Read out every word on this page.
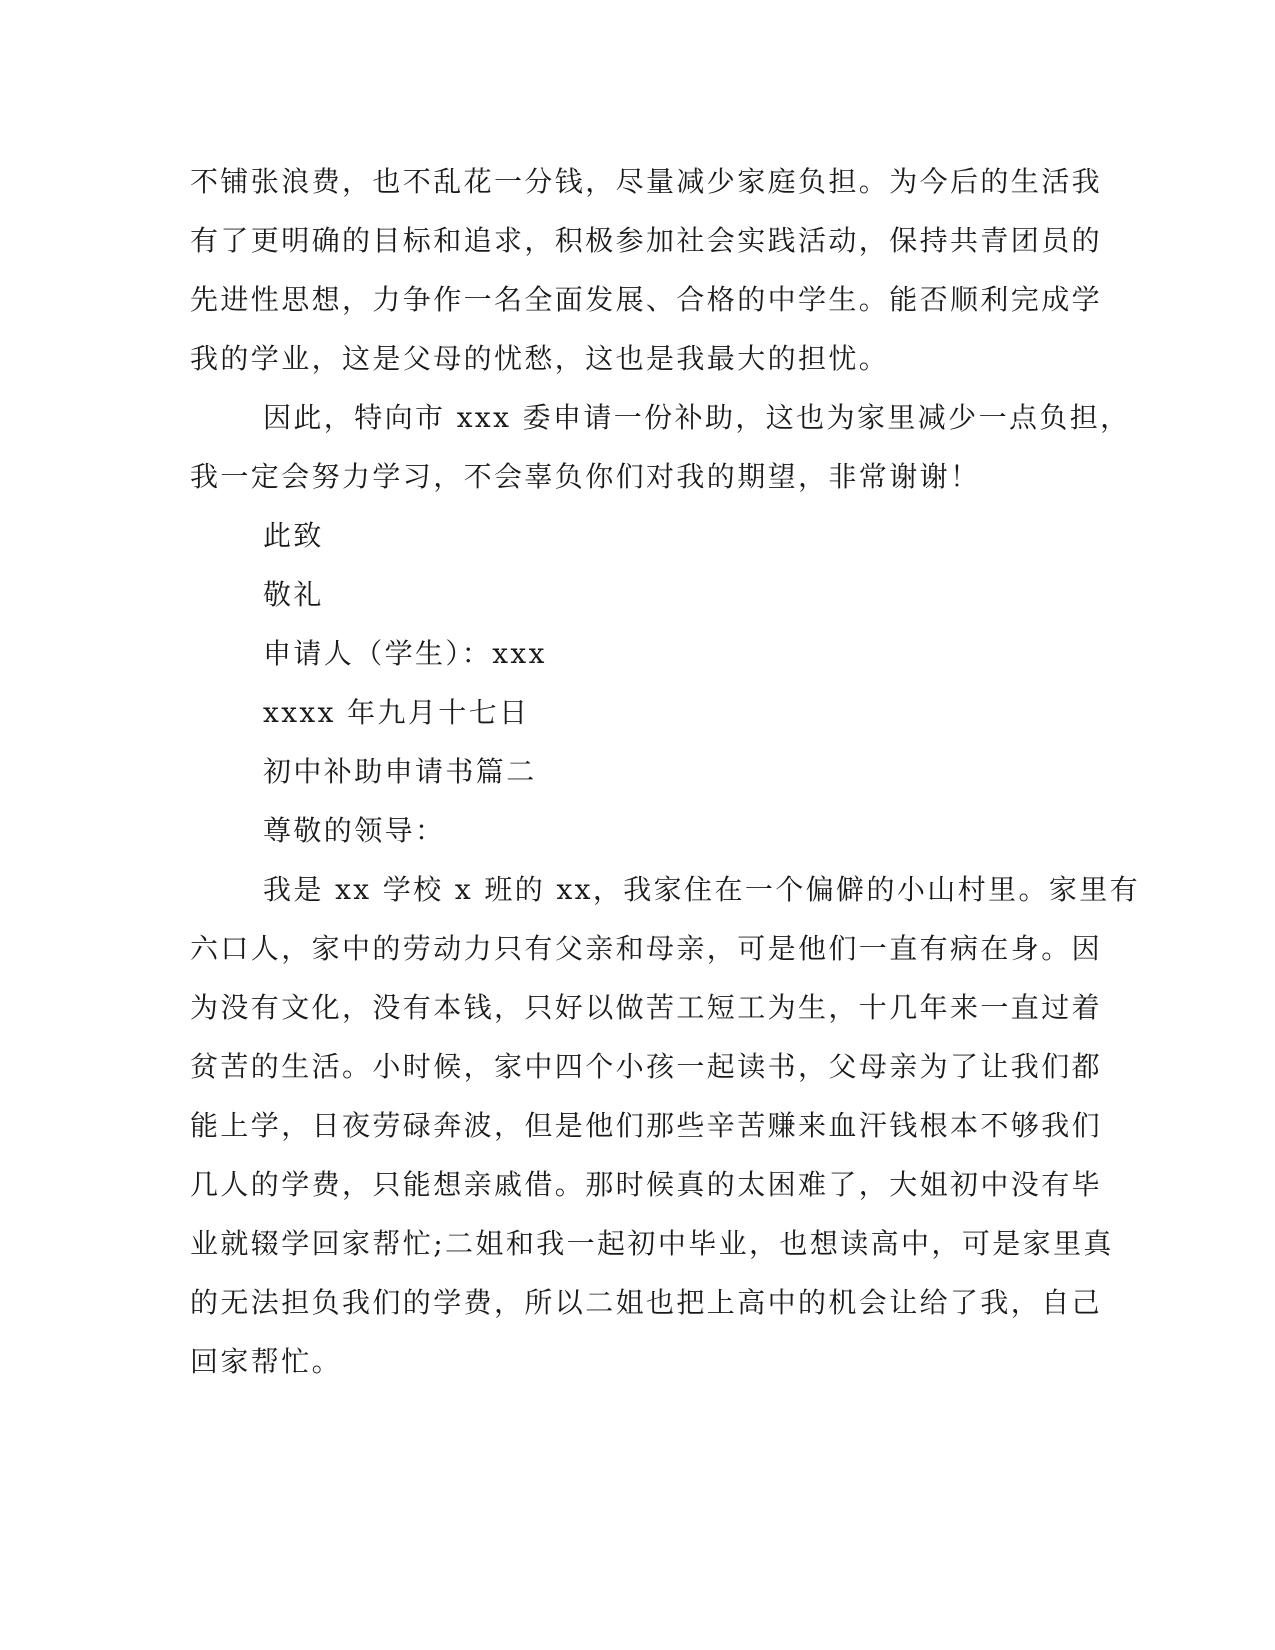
不铺张浪费，也不乱花一分钱，尽量减少家庭负担。为今后的生活我
有了更明确的目标和追求，积极参加社会实践活动，保持共青团员的
先进性思想，力争作一名全面发展、合格的中学生。能否顺利完成学
我的学业，这是父母的忧愁，这也是我最大的担忧。
因此，特向市 xxx 委申请一份补助，这也为家里减少一点负担，
我一定会努力学习，不会辜负你们对我的期望，非常谢谢！
此致
敬礼
申请人（学生）：xxx
xxxx 年九月十七日
初中补助申请书篇二
尊敬的领导：
我是 xx 学校 x 班的 xx，我家住在一个偏僻的小山村里。家里有
六口人，家中的劳动力只有父亲和母亲，可是他们一直有病在身。因
为没有文化，没有本钱，只好以做苦工短工为生，十几年来一直过着
贫苦的生活。小时候，家中四个小孩一起读书，父母亲为了让我们都
能上学，日夜劳碌奔波，但是他们那些辛苦赚来血汗钱根本不够我们
几人的学费，只能想亲戚借。那时候真的太困难了，大姐初中没有毕
业就辍学回家帮忙;二姐和我一起初中毕业，也想读高中，可是家里真
的无法担负我们的学费，所以二姐也把上高中的机会让给了我，自己
回家帮忙。
